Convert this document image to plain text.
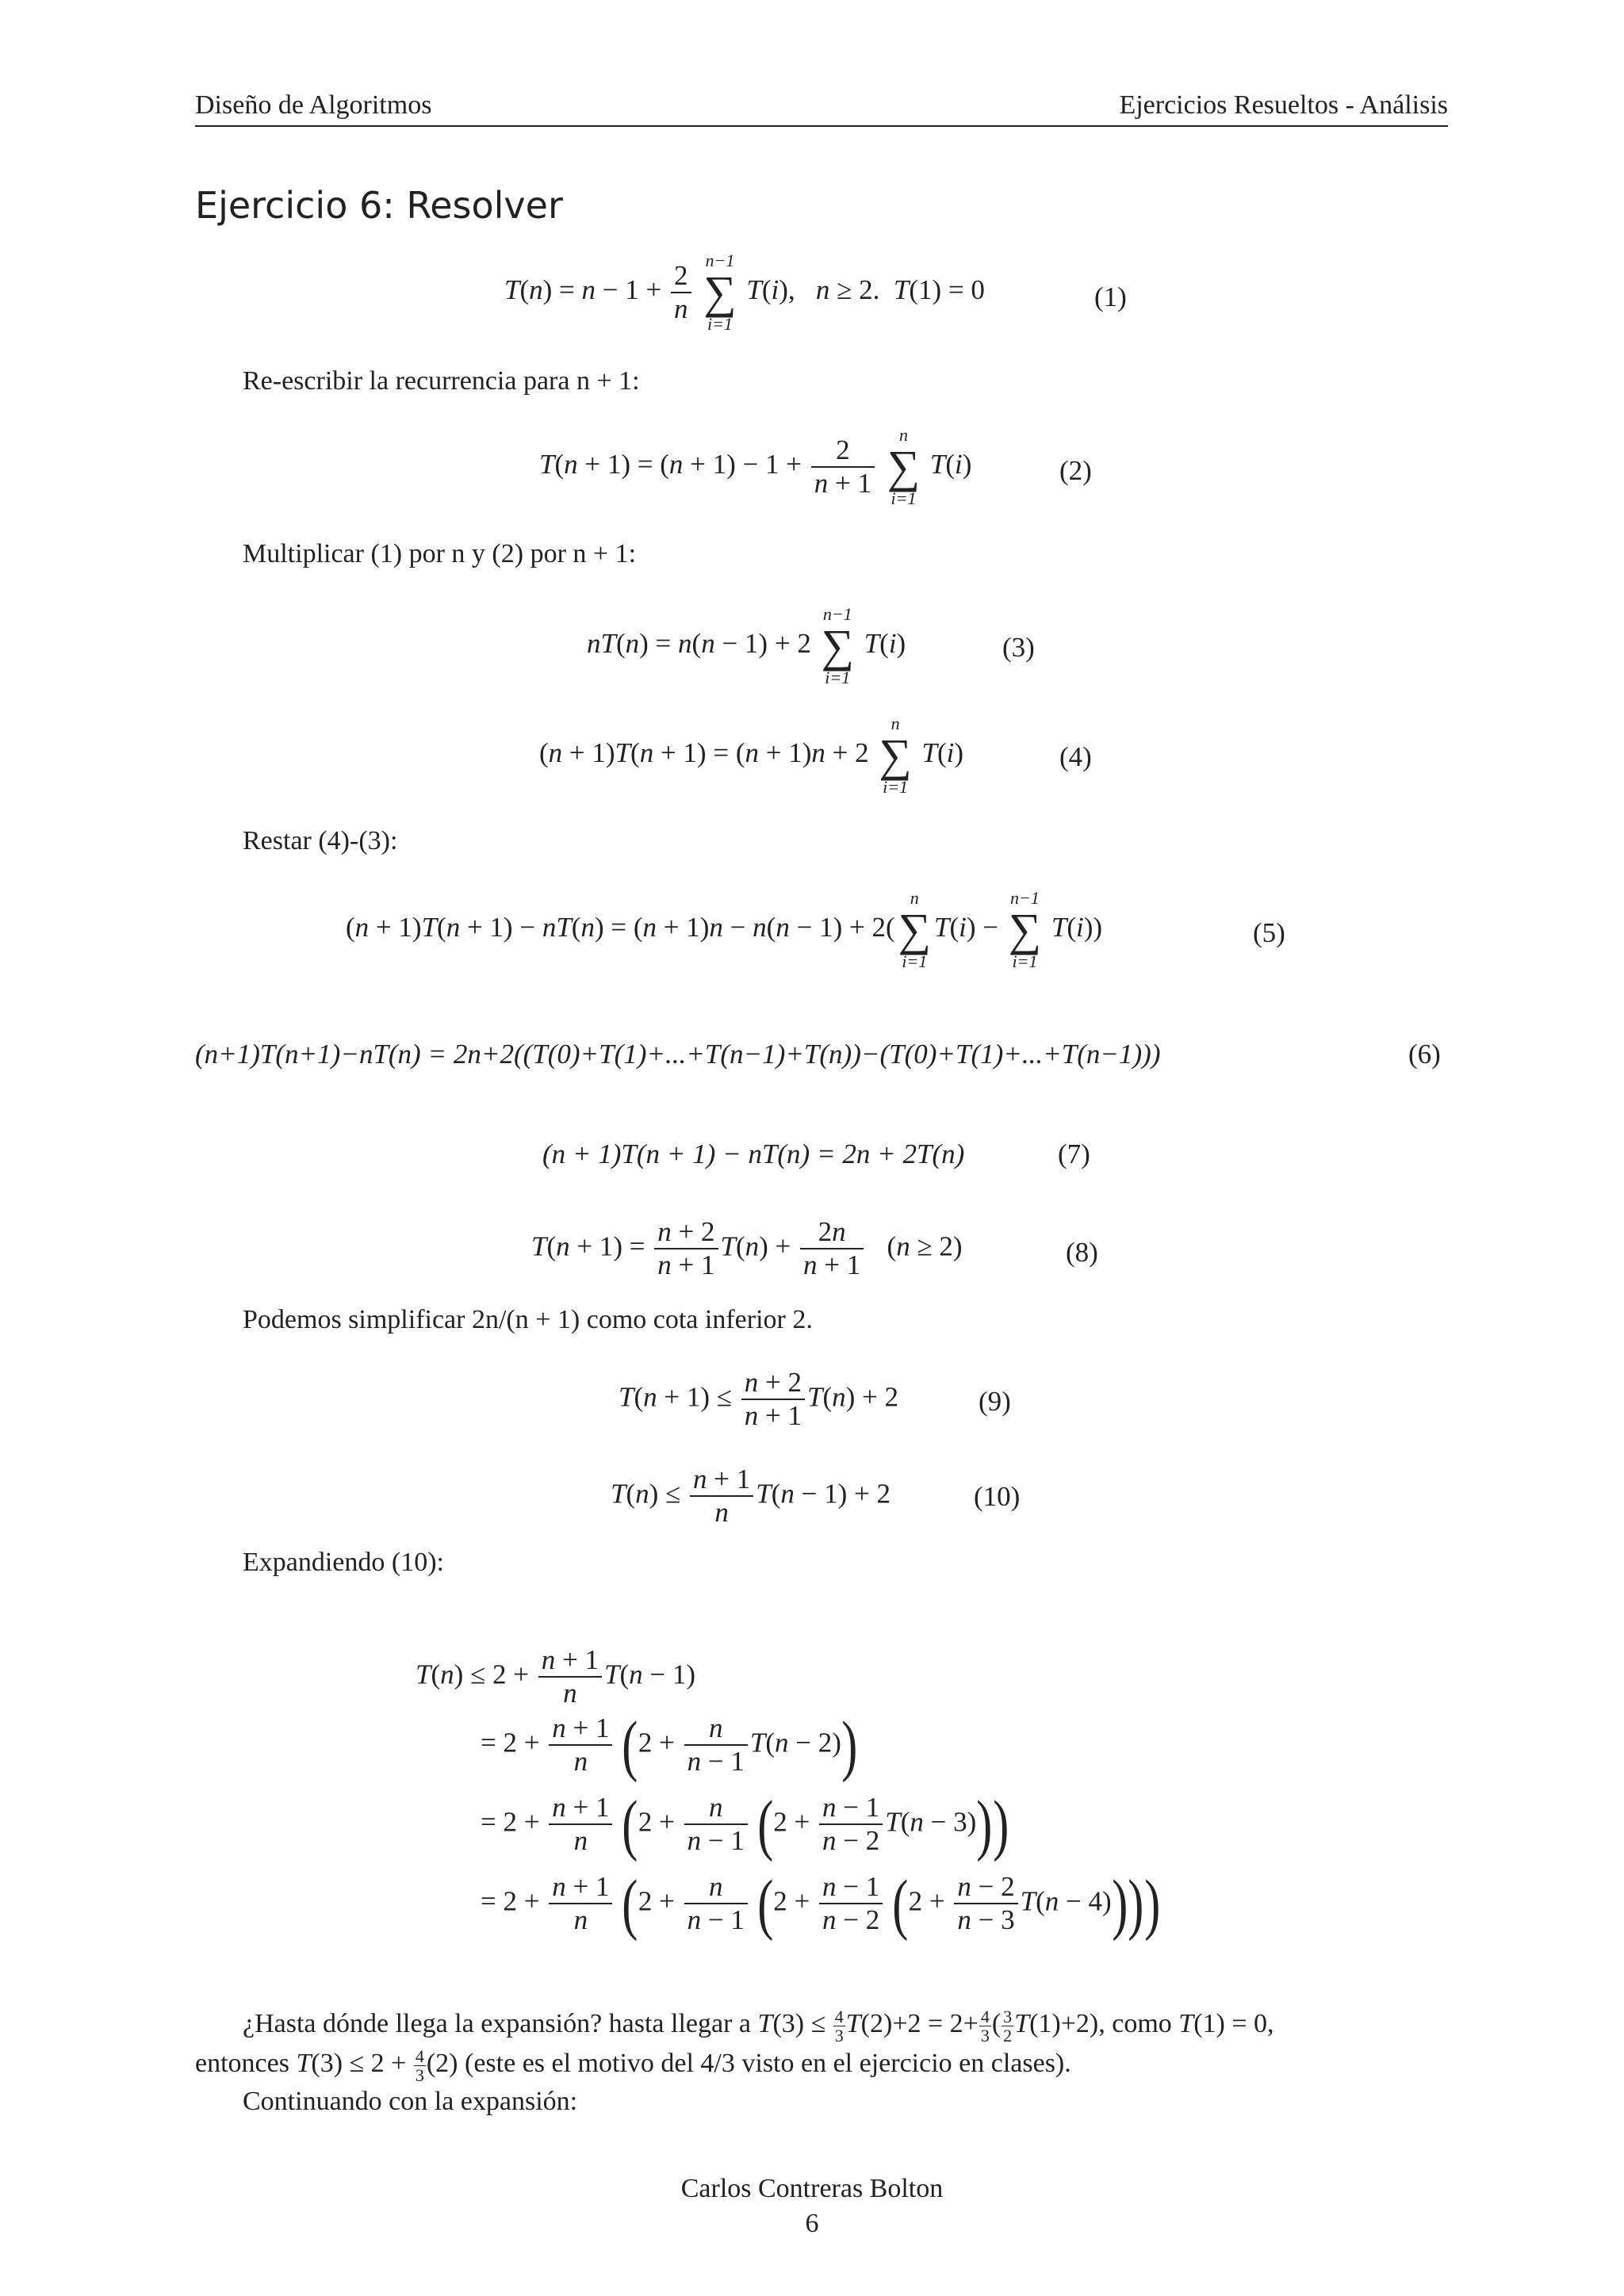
Diseño de Algoritmos	Ejercicios Resueltos - Análisis
Ejercicio 6: Resolver
$T(n) = n - 1 + \frac{2}{n}$
n−1
∑
i=1
T(i),   n ≥ 2.  T(1) = 0	(1)
Re-escribir la recurrencia para n + 1:
$T(n + 1) = (n + 1) - 1 + \frac{2}{n + 1}$
	n
∑
i=1
T(i)	(2)
Multiplicar (1) por n y (2) por n + 1:
nT(n) = n(n − 1) + 2
n−1
∑
i=1
T(i)	(3)
(n + 1)T(n + 1) = (n + 1)n + 2
n
∑
i=1
T(i)	(4)
Restar (4)-(3):
(n + 1)T(n + 1) − nT(n) = (n + 1)n − n(n − 1) + 2(
n
∑
i=1
T(i) −
n−1
∑
i=1
T(i))	(5)
(n+1)T(n+1)−nT(n) = 2n+2((T(0)+T(1)+...+T(n−1)+T(n))−(T(0)+T(1)+...+T(n−1)))	(6)
(n + 1)T(n + 1) − nT(n) = 2n + 2T(n)	(7)
$T(n + 1) = \frac{n + 2}{n + 1} T(n) + \frac{2n}{n + 1} (n \ge 2)$	(8)
Podemos simplificar 2n/(n + 1) como cota inferior 2.
$T(n + 1) \le \frac{n + 2}{n + 1} T(n) + 2$	(9)
$T(n) \le \frac{n + 1}{n} T(n - 1) + 2$	(10)
Expandiendo (10):
$T(n) \le 2 + \frac{n + 1}{n} T(n - 1)$
= $2 + \frac{n + 1}{n} (2 + \frac{n}{n - 1} T(n - 2))$
= $2 + \frac{n + 1}{n} (2 + \frac{n}{n - 1} (2 + \frac{n - 1}{n - 2} T(n - 3)))$
= $2 + \frac{n + 1}{n} (2 + \frac{n}{n - 1} (2 + \frac{n - 1}{n - 2} (2 + \frac{n - 2}{n - 3} T(n - 4))))$
¿Hasta dónde llega la expansión? hasta llegar a $T(3) \le \frac{4}{3} T(2)+2 = 2+ \frac{4}{3}$ ( $\frac{3}{2} T(1)+2$), como T(1) = 0,
entonces $T(3) \le 2 + \frac{4}{3} (2)$ (este es el motivo del 4/3 visto en el ejercicio en clases).
Continuando con la expansión:
Carlos Contreras Bolton
6
